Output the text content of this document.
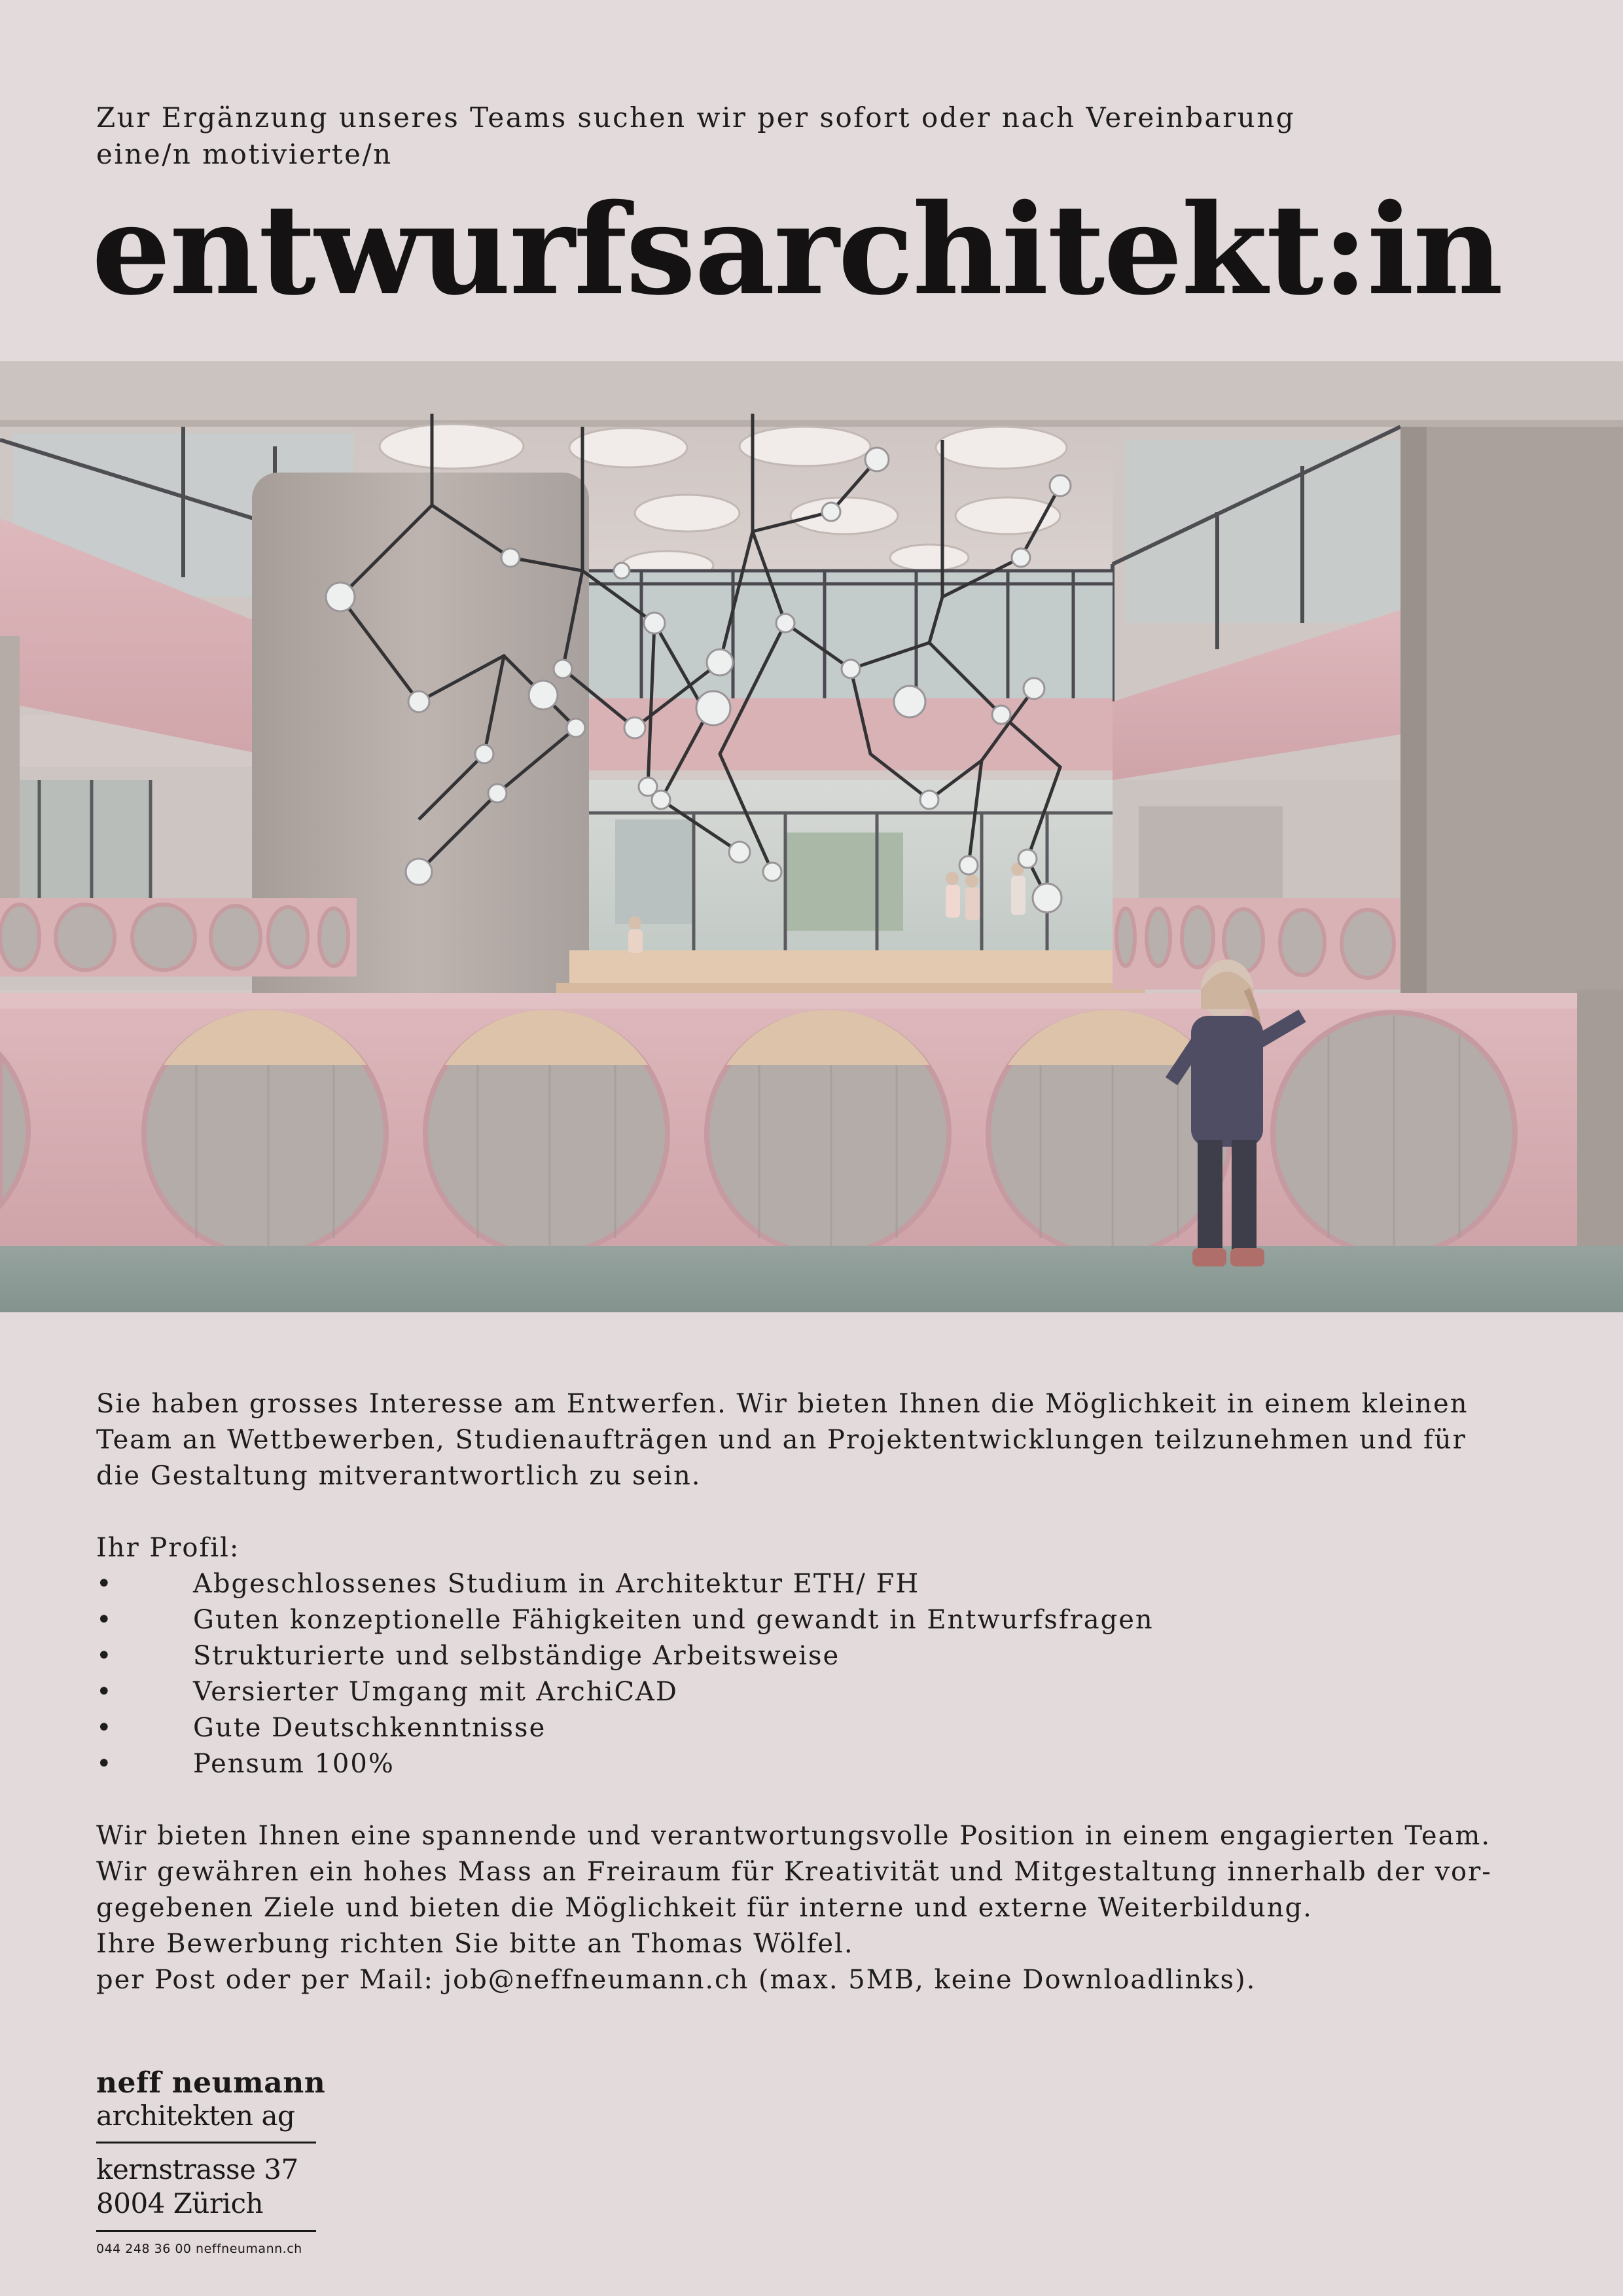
Zur Ergänzung unseres Teams suchen wir per sofort oder nach Vereinbarung
eine/n motivierte/n
entwurfsarchitekt:in
Sie haben grosses Interesse am Entwerfen. Wir bieten Ihnen die Möglichkeit in einem kleinen
Team an Wettbewerben, Studienaufträgen und an Projektentwicklungen teilzunehmen und für
die Gestaltung mitverantwortlich zu sein.
Ihr Profil:
•	Abgeschlossenes Studium in Architektur ETH/ FH
•	Guten konzeptionelle Fähigkeiten und gewandt in Entwurfsfragen
•	Strukturierte und selbständige Arbeitsweise
•	Versierter Umgang mit ArchiCAD
•	Gute Deutschkenntnisse
•	Pensum 100%
Wir bieten Ihnen eine spannende und verantwortungsvolle Position in einem engagierten Team.
Wir gewähren ein hohes Mass an Freiraum für Kreativität und Mitgestaltung innerhalb der vor-
gegebenen Ziele und bieten die Möglichkeit für interne und externe Weiterbildung.
Ihre Bewerbung richten Sie bitte an Thomas Wölfel.
per Post oder per Mail: job@neffneumann.ch (max. 5MB, keine Downloadlinks).
neff neumann
architekten ag
kernstrasse 37
8004 Zürich
044 248 36 00 neffneumann.ch
